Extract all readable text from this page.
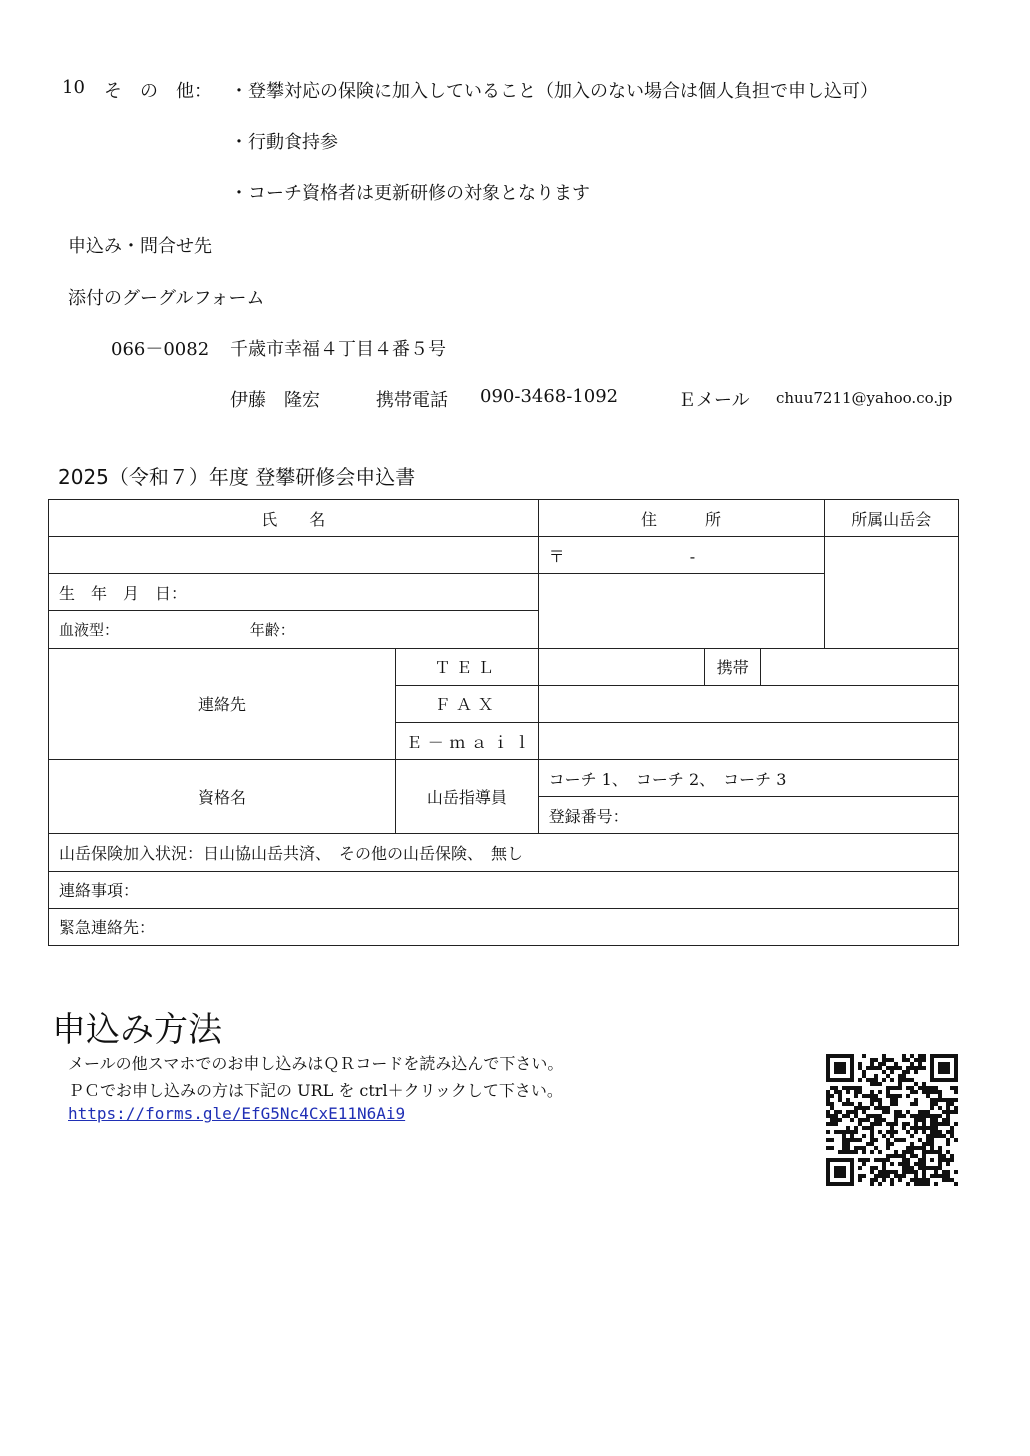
10 そ　の　他： ・登攀対応の保険に加入していること（加入のない場合は個人負担で申し込可）
・行動食持参
・コーチ資格者は更新研修の対象となります
申込み・問合せ先
添付のグーグルフォーム
066－0082 千歳市幸福４丁目４番５号
伊藤　隆宏	携帯電話 090-3468-1092	Ｅメール chuu7211@yahoo.co.jp
2025（令和７）年度 登攀研修会申込書
氏　　名		住　　　所			所属山岳会
		〒 -			
生　年　月　日：					
血液型： 年齢：					
連絡先	ＴＥＬ		携帯		
	ＦＡＸ				
	Ｅ－ｍａｉｌ				
資格名	山岳指導員	コーチ 1、　コーチ 2、　コーチ 3			
		登録番号：			
山岳保険加入状況：日山協山岳共済、　その他の山岳保険、　無し					
連絡事項：					
緊急連絡先：					
申込み方法
メールの他スマホでのお申し込みはＱＲコードを読み込んで下さい。
ＰＣでお申し込みの方は下記の URL を ctrl＋クリックして下さい。
https://forms.gle/EfG5Nc4CxE11N6Ai9
